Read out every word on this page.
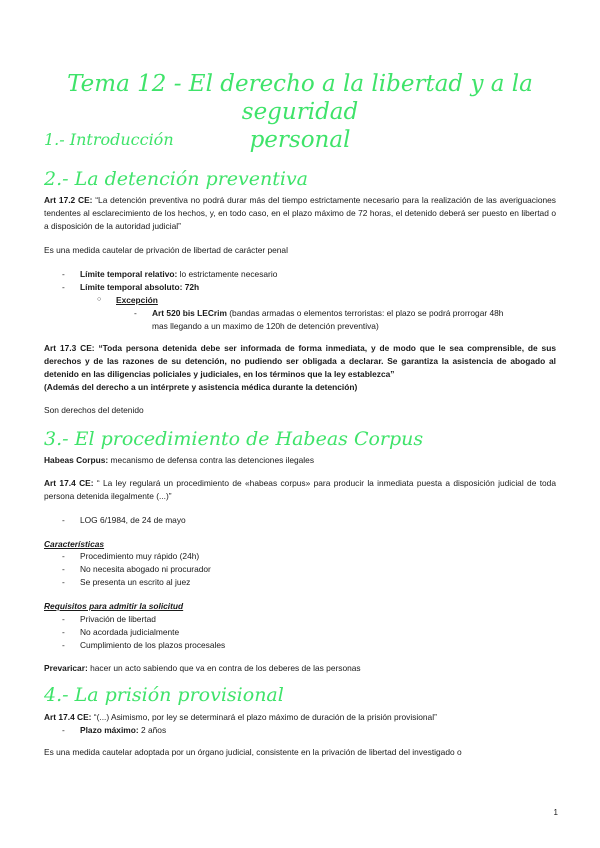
Tema 12 - El derecho a la libertad y a la seguridad
personal
1.- Introducción
2.- La detención preventiva
Art 17.2 CE: “La detención preventiva no podrá durar más del tiempo estrictamente necesario para la realización de las averiguaciones tendentes al esclarecimiento de los hechos, y, en todo caso, en el plazo máximo de 72 horas, el detenido deberá ser puesto en libertad o a disposición de la autoridad judicial”
Es una medida cautelar de privación de libertad de carácter penal
- Límite temporal relativo: lo estrictamente necesario
- Límite temporal absoluto: 72h
○ Excepción
- Art 520 bis LECrim (bandas armadas o elementos terroristas: el plazo se podrá prorrogar 48h
mas llegando a un maximo de 120h de detención preventiva)
Art 17.3 CE: “Toda persona detenida debe ser informada de forma inmediata, y de modo que le sea comprensible, de sus derechos y de las razones de su detención, no pudiendo ser obligada a declarar. Se garantiza la asistencia de abogado al detenido en las diligencias policiales y judiciales, en los términos que la ley establezca”
(Además del derecho a un intérprete y asistencia médica durante la detención)
Son derechos del detenido
3.- El procedimiento de Habeas Corpus
Habeas Corpus: mecanismo de defensa contra las detenciones ilegales
Art 17.4 CE: “ La ley regulará un procedimiento de «habeas corpus» para producir la inmediata puesta a disposición judicial de toda persona detenida ilegalmente (...)”
- LOG 6/1984, de 24 de mayo
Características
- Procedimiento muy rápido (24h)
- No necesita abogado ni procurador
- Se presenta un escrito al juez
Requisitos para admitir la solicitud
- Privación de libertad
- No acordada judicialmente
- Cumplimiento de los plazos procesales
Prevaricar: hacer un acto sabiendo que va en contra de los deberes de las personas
4.- La prisión provisional
Art 17.4 CE: “(...) Asimismo, por ley se determinará el plazo máximo de duración de la prisión provisional”
- Plazo máximo: 2 años
Es una medida cautelar adoptada por un órgano judicial, consistente en la privación de libertad del investigado o
1
